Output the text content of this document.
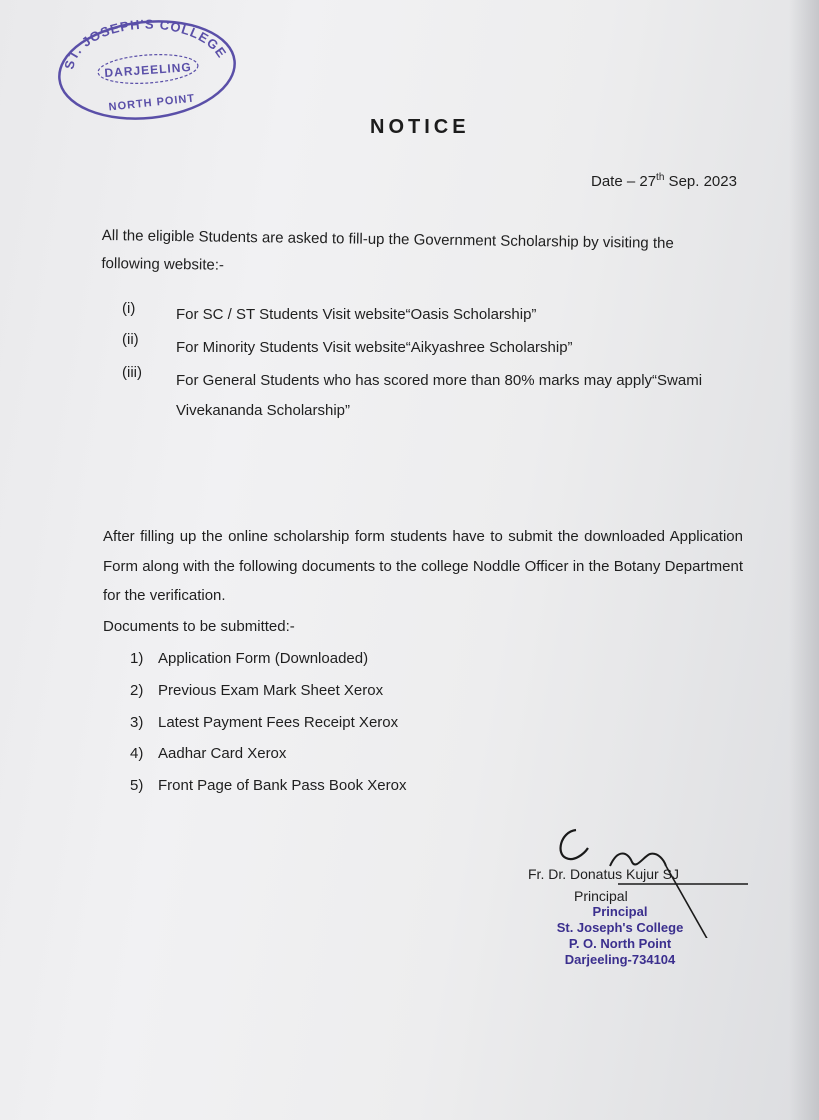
ST. JOSEPH'S COLLEGE
DARJEELING
NORTH POINT
NOTICE
Date – 27th Sep. 2023
All the eligible Students are asked to fill-up the Government Scholarship by visiting the following website:-
(i)	For SC / ST Students Visit website“Oasis Scholarship”
(ii)	For Minority Students Visit website“Aikyashree Scholarship”
(iii)	For General Students who has scored more than 80% marks may apply“Swami Vivekananda Scholarship”
After filling up the online scholarship form students have to submit the downloaded Application Form along with the following documents to the college Noddle Officer in the Botany Department for the verification.
Documents to be submitted:-
1) Application Form (Downloaded)
2) Previous Exam Mark Sheet Xerox
3) Latest Payment Fees Receipt Xerox
4) Aadhar Card Xerox
5) Front Page of Bank Pass Book Xerox
Fr. Dr. Donatus Kujur SJ
Principal
Principal
St. Joseph's College
P. O. North Point
Darjeeling-734104
